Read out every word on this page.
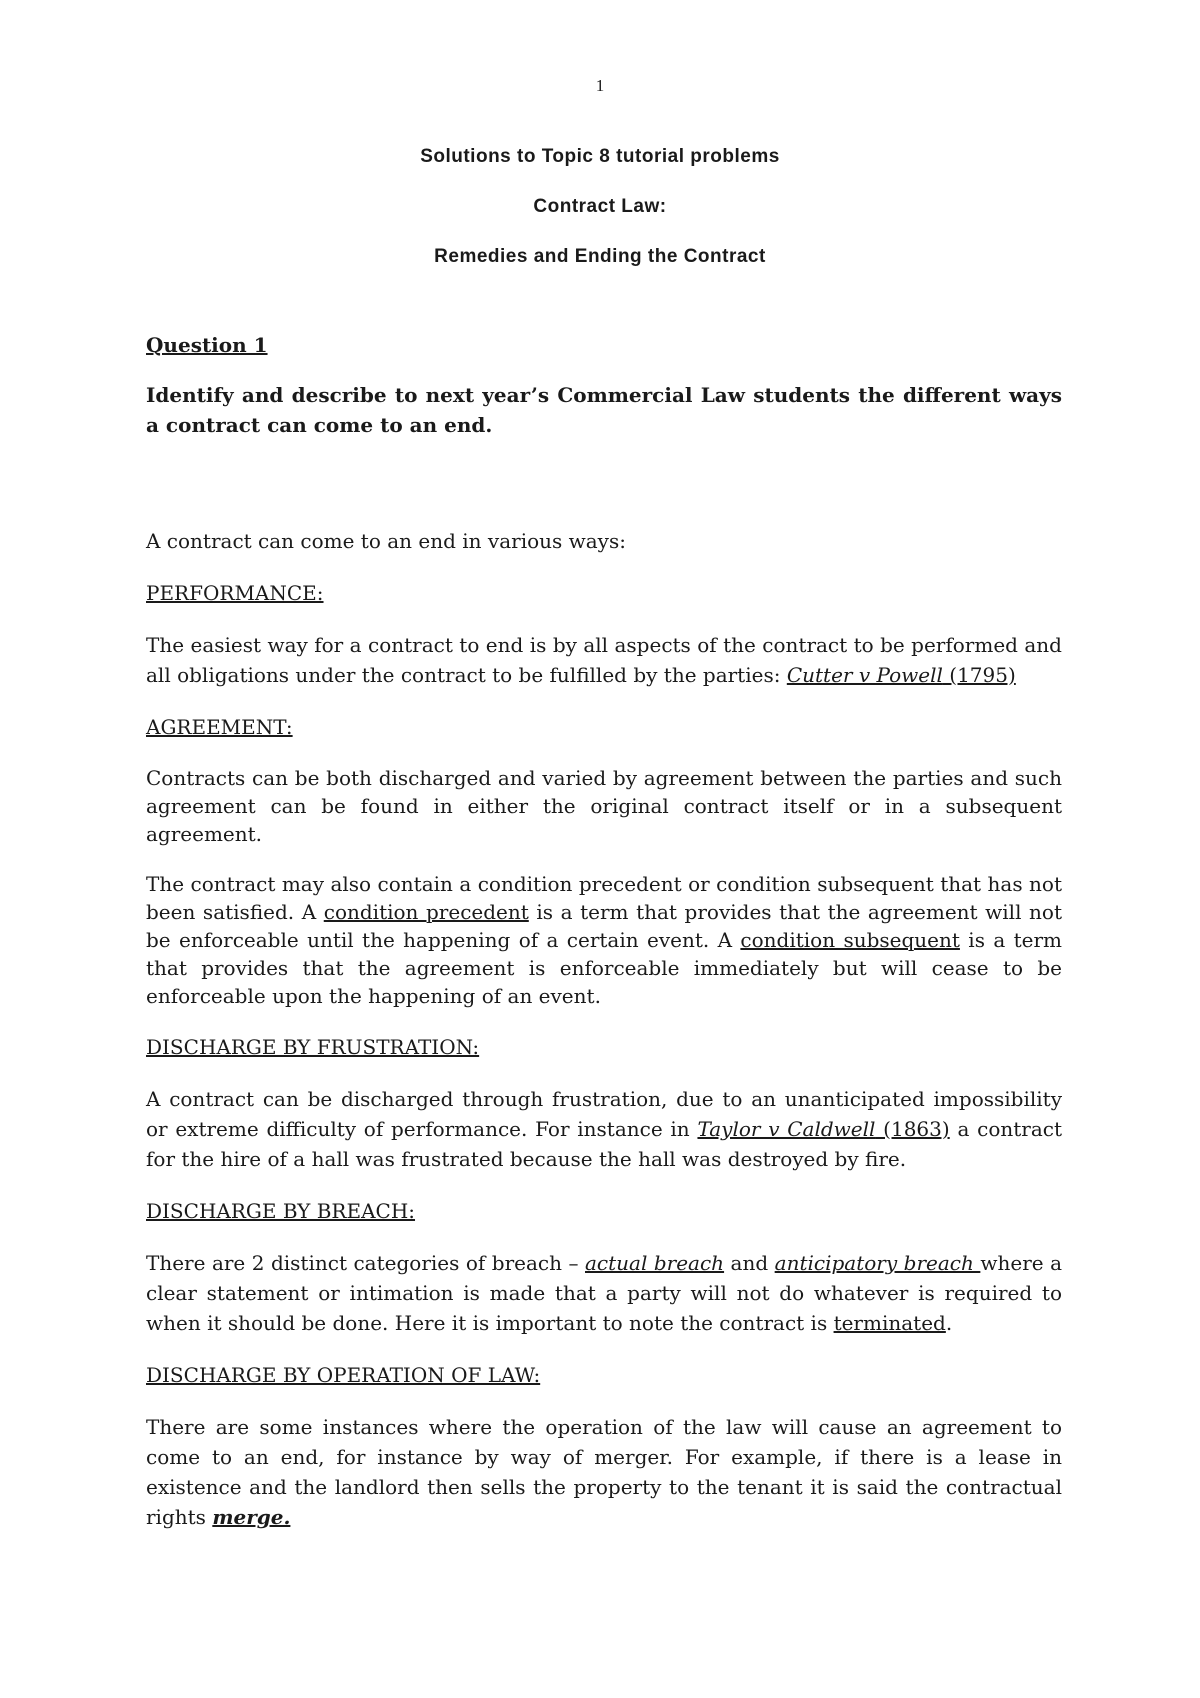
1
Solutions to Topic 8 tutorial problems
Contract Law:
Remedies and Ending the Contract
Question 1
Identify and describe to next year’s Commercial Law students the different ways a contract can come to an end.

A contract can come to an end in various ways:

PERFORMANCE:

The easiest way for a contract to end is by all aspects of the contract to be performed and all obligations under the contract to be fulfilled by the parties: Cutter v Powell (1795)

AGREEMENT:

Contracts can be both discharged and varied by agreement between the parties and such agreement can be found in either the original contract itself or in a subsequent agreement.

The contract may also contain a condition precedent or condition subsequent that has not been satisfied. A condition precedent is a term that provides that the agreement will not be enforceable until the happening of a certain event. A condition subsequent is a term that provides that the agreement is enforceable immediately but will cease to be enforceable upon the happening of an event.

DISCHARGE BY FRUSTRATION:

A contract can be discharged through frustration, due to an unanticipated impossibility or extreme difficulty of performance. For instance in Taylor v Caldwell (1863) a contract for the hire of a hall was frustrated because the hall was destroyed by fire.

DISCHARGE BY BREACH:

There are 2 distinct categories of breach – actual breach and anticipatory breach where a clear statement or intimation is made that a party will not do whatever is required to when it should be done. Here it is important to note the contract is terminated.

DISCHARGE BY OPERATION OF LAW:

There are some instances where the operation of the law will cause an agreement to come to an end, for instance by way of merger. For example, if there is a lease in existence and the landlord then sells the property to the tenant it is said the contractual rights merge.
